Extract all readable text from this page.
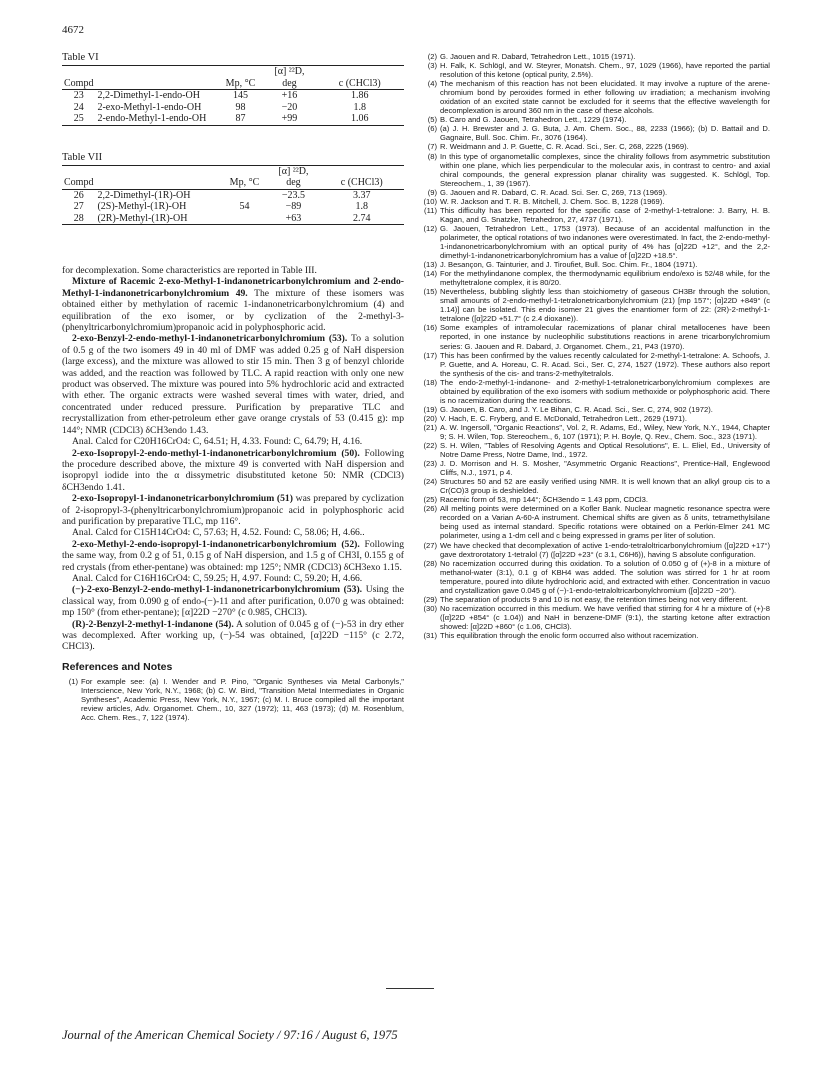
4672
Table VI
			[α] ²²D,	
Compd		Mp, °C	deg	c (CHCl3)
23	2,2-Dimethyl-1-endo-OH	145	+16	1.86
24	2-exo-Methyl-1-endo-OH	98	−20	1.8
25	2-endo-Methyl-1-endo-OH	87	+99	1.06
Table VII
			[α] ²²D,	
Compd		Mp, °C	deg	c (CHCl3)
26	2,2-Dimethyl-(1R)-OH		−23.5	3.37
27	(2S)-Methyl-(1R)-OH	54	−89	1.8
28	(2R)-Methyl-(1R)-OH		+63	2.74

for decomplexation. Some characteristics are reported in Table III.

Mixture of Racemic 2-exo-Methyl-1-indanonetricarbonylchromium and 2-endo-Methyl-1-indanonetricarbonylchromium 49. The mixture of these isomers was obtained either by methylation of racemic 1-indanonetricarbonylchromium (4) and equilibration of the exo isomer, or by cyclization of the 2-methyl-3-(phenyltricarbonylchromium)propanoic acid in polyphosphoric acid.

2-exo-Benzyl-2-endo-methyl-1-indanonetricarbonylchromium (53). To a solution of 0.5 g of the two isomers 49 in 40 ml of DMF was added 0.25 g of NaH dispersion (large excess), and the mixture was allowed to stir 15 min. Then 3 g of benzyl chloride was added, and the reaction was followed by TLC. A rapid reaction with only one new product was observed. The mixture was poured into 5% hydrochloric acid and extracted with ether. The organic extracts were washed several times with water, dried, and concentrated under reduced pressure. Purification by preparative TLC and recrystallization from ether-petroleum ether gave orange crystals of 53 (0.415 g): mp 144°; NMR (CDCl3) δCH3endo 1.43.

Anal. Calcd for C20H16CrO4: C, 64.51; H, 4.33. Found: C, 64.79; H, 4.16.

2-exo-Isopropyl-2-endo-methyl-1-indanonetricarbonylchromium (50). Following the procedure described above, the mixture 49 is converted with NaH dispersion and isopropyl iodide into the α dissymetric disubstituted ketone 50: NMR (CDCl3) δCH3endo 1.41.

2-exo-Isopropyl-1-indanonetricarbonylchromium (51) was prepared by cyclization of 2-isopropyl-3-(phenyltricarbonylchromium)propanoic acid in polyphosphoric acid and purification by preparative TLC, mp 116°.

Anal. Calcd for C15H14CrO4: C, 57.63; H, 4.52. Found: C, 58.06; H, 4.66..

2-exo-Methyl-2-endo-isopropyl-1-indanonetricarbonylchromium (52). Following the same way, from 0.2 g of 51, 0.15 g of NaH dispersion, and 1.5 g of CH3I, 0.155 g of red crystals (from ether-pentane) was obtained: mp 125°; NMR (CDCl3) δCH3exo 1.15.

Anal. Calcd for C16H16CrO4: C, 59.25; H, 4.97. Found: C, 59.20; H, 4.66.

(−)-2-exo-Benzyl-2-endo-methyl-1-indanonetricarbonylchromium (53). Using the classical way, from 0.090 g of endo-(−)-11 and after purification, 0.070 g was obtained: mp 150° (from ether-pentane); [α]22D −270° (c 0.985, CHCl3).

(R)-2-Benzyl-2-methyl-1-indanone (54). A solution of 0.045 g of (−)-53 in dry ether was decomplexed. After working up, (−)-54 was obtained, [α]22D −115° (c 2.72, CHCl3).

References and Notes
(1) For example see: (a) I. Wender and P. Pino, "Organic Syntheses via Metal Carbonyls," Interscience, New York, N.Y., 1968; (b) C. W. Bird, "Transition Metal Intermediates in Organic Syntheses", Academic Press, New York, N.Y., 1967; (c) M. I. Bruce compiled all the important review articles, Adv. Organomet. Chem., 10, 327 (1972); 11, 463 (1973); (d) M. Rosenblum, Acc. Chem. Res., 7, 122 (1974).
(2) G. Jaouen and R. Dabard, Tetrahedron Lett., 1015 (1971).
(3) H. Falk, K. Schlögl, and W. Steyrer, Monatsh. Chem., 97, 1029 (1966), have reported the partial resolution of this ketone (optical purity, 2.5%).
(4) The mechanism of this reaction has not been elucidated. It may involve a rupture of the arene-chromium bond by peroxides formed in ether following uv irradiation; a mechanism involving oxidation of an excited state cannot be excluded for it seems that the effective wavelength for decomplexation is around 360 nm in the case of these alcohols.
(5) B. Caro and G. Jaouen, Tetrahedron Lett., 1229 (1974).
(6) (a) J. H. Brewster and J. G. Buta, J. Am. Chem. Soc., 88, 2233 (1966); (b) D. Battail and D. Gagnaire, Bull. Soc. Chim. Fr., 3076 (1964).
(7) R. Weidmann and J. P. Guette, C. R. Acad. Sci., Ser. C, 268, 2225 (1969).
(8) In this type of organometallic complexes, since the chirality follows from asymmetric substitution within one plane, which lies perpendicular to the molecular axis, in contrast to centro- and axial chiral compounds, the general expression planar chirality was suggested. K. Schlögl, Top. Stereochem., 1, 39 (1967).
(9) G. Jaouen and R. Dabard, C. R. Acad. Sci. Ser. C, 269, 713 (1969).
(10) W. R. Jackson and T. R. B. Mitchell, J. Chem. Soc. B, 1228 (1969).
(11) This difficulty has been reported for the specific case of 2-methyl-1-tetralone: J. Barry, H. B. Kagan, and G. Snatzke, Tetrahedron, 27, 4737 (1971).
(12) G. Jaouen, Tetrahedron Lett., 1753 (1973). Because of an accidental malfunction in the polarimeter, the optical rotations of two indanones were overestimated. In fact, the 2-endo-methyl-1-indanonetricarbonylchromium with an optical purity of 4% has [α]22D +12°, and the 2,2-dimethyl-1-indanonetricarbonylchromium has a value of [α]22D +18.5°.
(13) J. Besançon, G. Tainturier, and J. Tiroufiet, Bull. Soc. Chim. Fr., 1804 (1971).
(14) For the methylindanone complex, the thermodynamic equilibrium endo/exo is 52/48 while, for the methyltetralone complex, it is 80/20.
(15) Nevertheless, bubbling slightly less than stoichiometry of gaseous CH3Br through the solution, small amounts of 2-endo-methyl-1-tetralonetricarbonylchromium (21) [mp 157°; [α]22D +849° (c 1.14)] can be isolated. This endo isomer 21 gives the enantiomer form of 22: (2R)-2-methyl-1-tetralone ([α]22D +51.7° (c 2.4 dioxane)).
(16) Some examples of intramolecular racemizations of planar chiral metallocenes have been reported, in one instance by nucleophilic substitutions reactions in arene tricarbonylchromium series: G. Jaouen and R. Dabard, J. Organomet. Chem., 21, P43 (1970).
(17) This has been confirmed by the values recently calculated for 2-methyl-1-tetralone: A. Schoofs, J. P. Guette, and A. Horeau, C. R. Acad. Sci., Ser. C, 274, 1527 (1972). These authors also report the synthesis of the cis- and trans-2-methyltetralols.
(18) The endo-2-methyl-1-indanone- and 2-methyl-1-tetralonetricarbonylchromium complexes are obtained by equilibration of the exo isomers with sodium methoxide or polyphosphoric acid. There is no racemization during the reactions.
(19) G. Jaouen, B. Caro, and J. Y. Le Bihan, C. R. Acad. Sci., Ser. C, 274, 902 (1972).
(20) V. Hach, E. C. Fryberg, and E. McDonald, Tetrahedron Lett., 2629 (1971).
(21) A. W. Ingersoll, "Organic Reactions", Vol. 2, R. Adams, Ed., Wiley, New York, N.Y., 1944, Chapter 9; S. H. Wilen, Top. Stereochem., 6, 107 (1971); P. H. Boyle, Q. Rev., Chem. Soc., 323 (1971).
(22) S. H. Wilen, "Tables of Resolving Agents and Optical Resolutions", E. L. Eliel, Ed., University of Notre Dame Press, Notre Dame, Ind., 1972.
(23) J. D. Morrison and H. S. Mosher, "Asymmetric Organic Reactions", Prentice-Hall, Englewood Cliffs, N.J., 1971, p 4.
(24) Structures 50 and 52 are easily verified using NMR. It is well known that an alkyl group cis to a Cr(CO)3 group is deshielded.
(25) Racemic form of 53, mp 144°; δCH3endo = 1.43 ppm, CDCl3.
(26) All melting points were determined on a Kofler Bank. Nuclear magnetic resonance spectra were recorded on a Varian A-60-A instrument. Chemical shifts are given as δ units, tetramethylsilane being used as internal standard. Specific rotations were obtained on a Perkin-Elmer 241 MC polarimeter, using a 1-dm cell and c being expressed in grams per liter of solution.
(27) We have checked that decomplexation of active 1-endo-tetraloltricarbonylchromium ([α]22D +17°) gave dextrorotatory 1-tetralol (7) ([α]22D +23° (c 3.1, C6H6)), having S absolute configuration.
(28) No racemization occurred during this oxidation. To a solution of 0.050 g of (+)-8 in a mixture of methanol-water (3:1), 0.1 g of KBH4 was added. The solution was stirred for 1 hr at room temperature, poured into dilute hydrochloric acid, and extracted with ether. Concentration in vacuo and crystallization gave 0.045 g of (−)-1-endo-tetraloltricarbonylchromium ([α]22D −20°).
(29) The separation of products 9 and 10 is not easy, the retention times being not very different.
(30) No racemization occurred in this medium. We have verified that stirring for 4 hr a mixture of (+)-8 ([α]22D +854° (c 1.04)) and NaH in benzene-DMF (9:1), the starting ketone after extraction showed: [α]22D +860° (c 1.06, CHCl3).
(31) This equilibration through the enolic form occurred also without racemization.
Journal of the American Chemical Society / 97:16 / August 6, 1975
